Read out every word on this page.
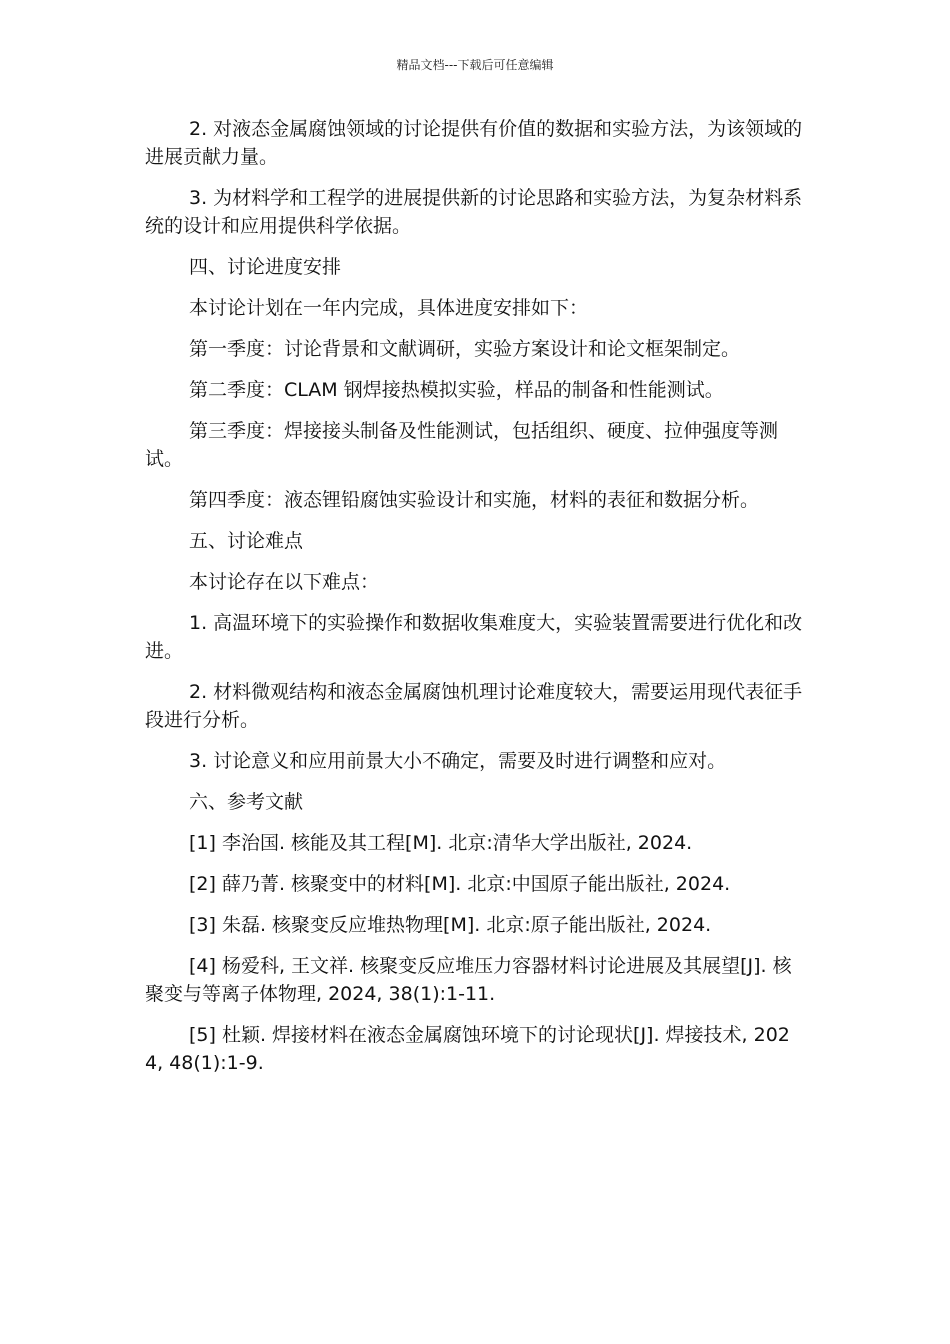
精品文档---下载后可任意编辑

2. 对液态金属腐蚀领域的讨论提供有价值的数据和实验方法，为该领域的进展贡献力量。

3. 为材料学和工程学的进展提供新的讨论思路和实验方法，为复杂材料系统的设计和应用提供科学依据。

四、讨论进度安排

本讨论计划在一年内完成，具体进度安排如下：

第一季度：讨论背景和文献调研，实验方案设计和论文框架制定。

第二季度：CLAM 钢焊接热模拟实验，样品的制备和性能测试。

第三季度：焊接接头制备及性能测试，包括组织、硬度、拉伸强度等测试。

第四季度：液态锂铅腐蚀实验设计和实施，材料的表征和数据分析。

五、讨论难点

本讨论存在以下难点：

1. 高温环境下的实验操作和数据收集难度大，实验装置需要进行优化和改进。

2. 材料微观结构和液态金属腐蚀机理讨论难度较大，需要运用现代表征手段进行分析。

3. 讨论意义和应用前景大小不确定，需要及时进行调整和应对。

六、参考文献

[1] 李治国. 核能及其工程[M]. 北京:清华大学出版社, 2024.

[2] 薛乃菁. 核聚变中的材料[M]. 北京:中国原子能出版社, 2024.

[3] 朱磊. 核聚变反应堆热物理[M]. 北京:原子能出版社, 2024.

[4] 杨爱科, 王文祥. 核聚变反应堆压力容器材料讨论进展及其展望[J]. 核聚变与等离子体物理, 2024, 38(1):1-11.

[5] 杜颖. 焊接材料在液态金属腐蚀环境下的讨论现状[J]. 焊接技术, 2024, 48(1):1-9.
